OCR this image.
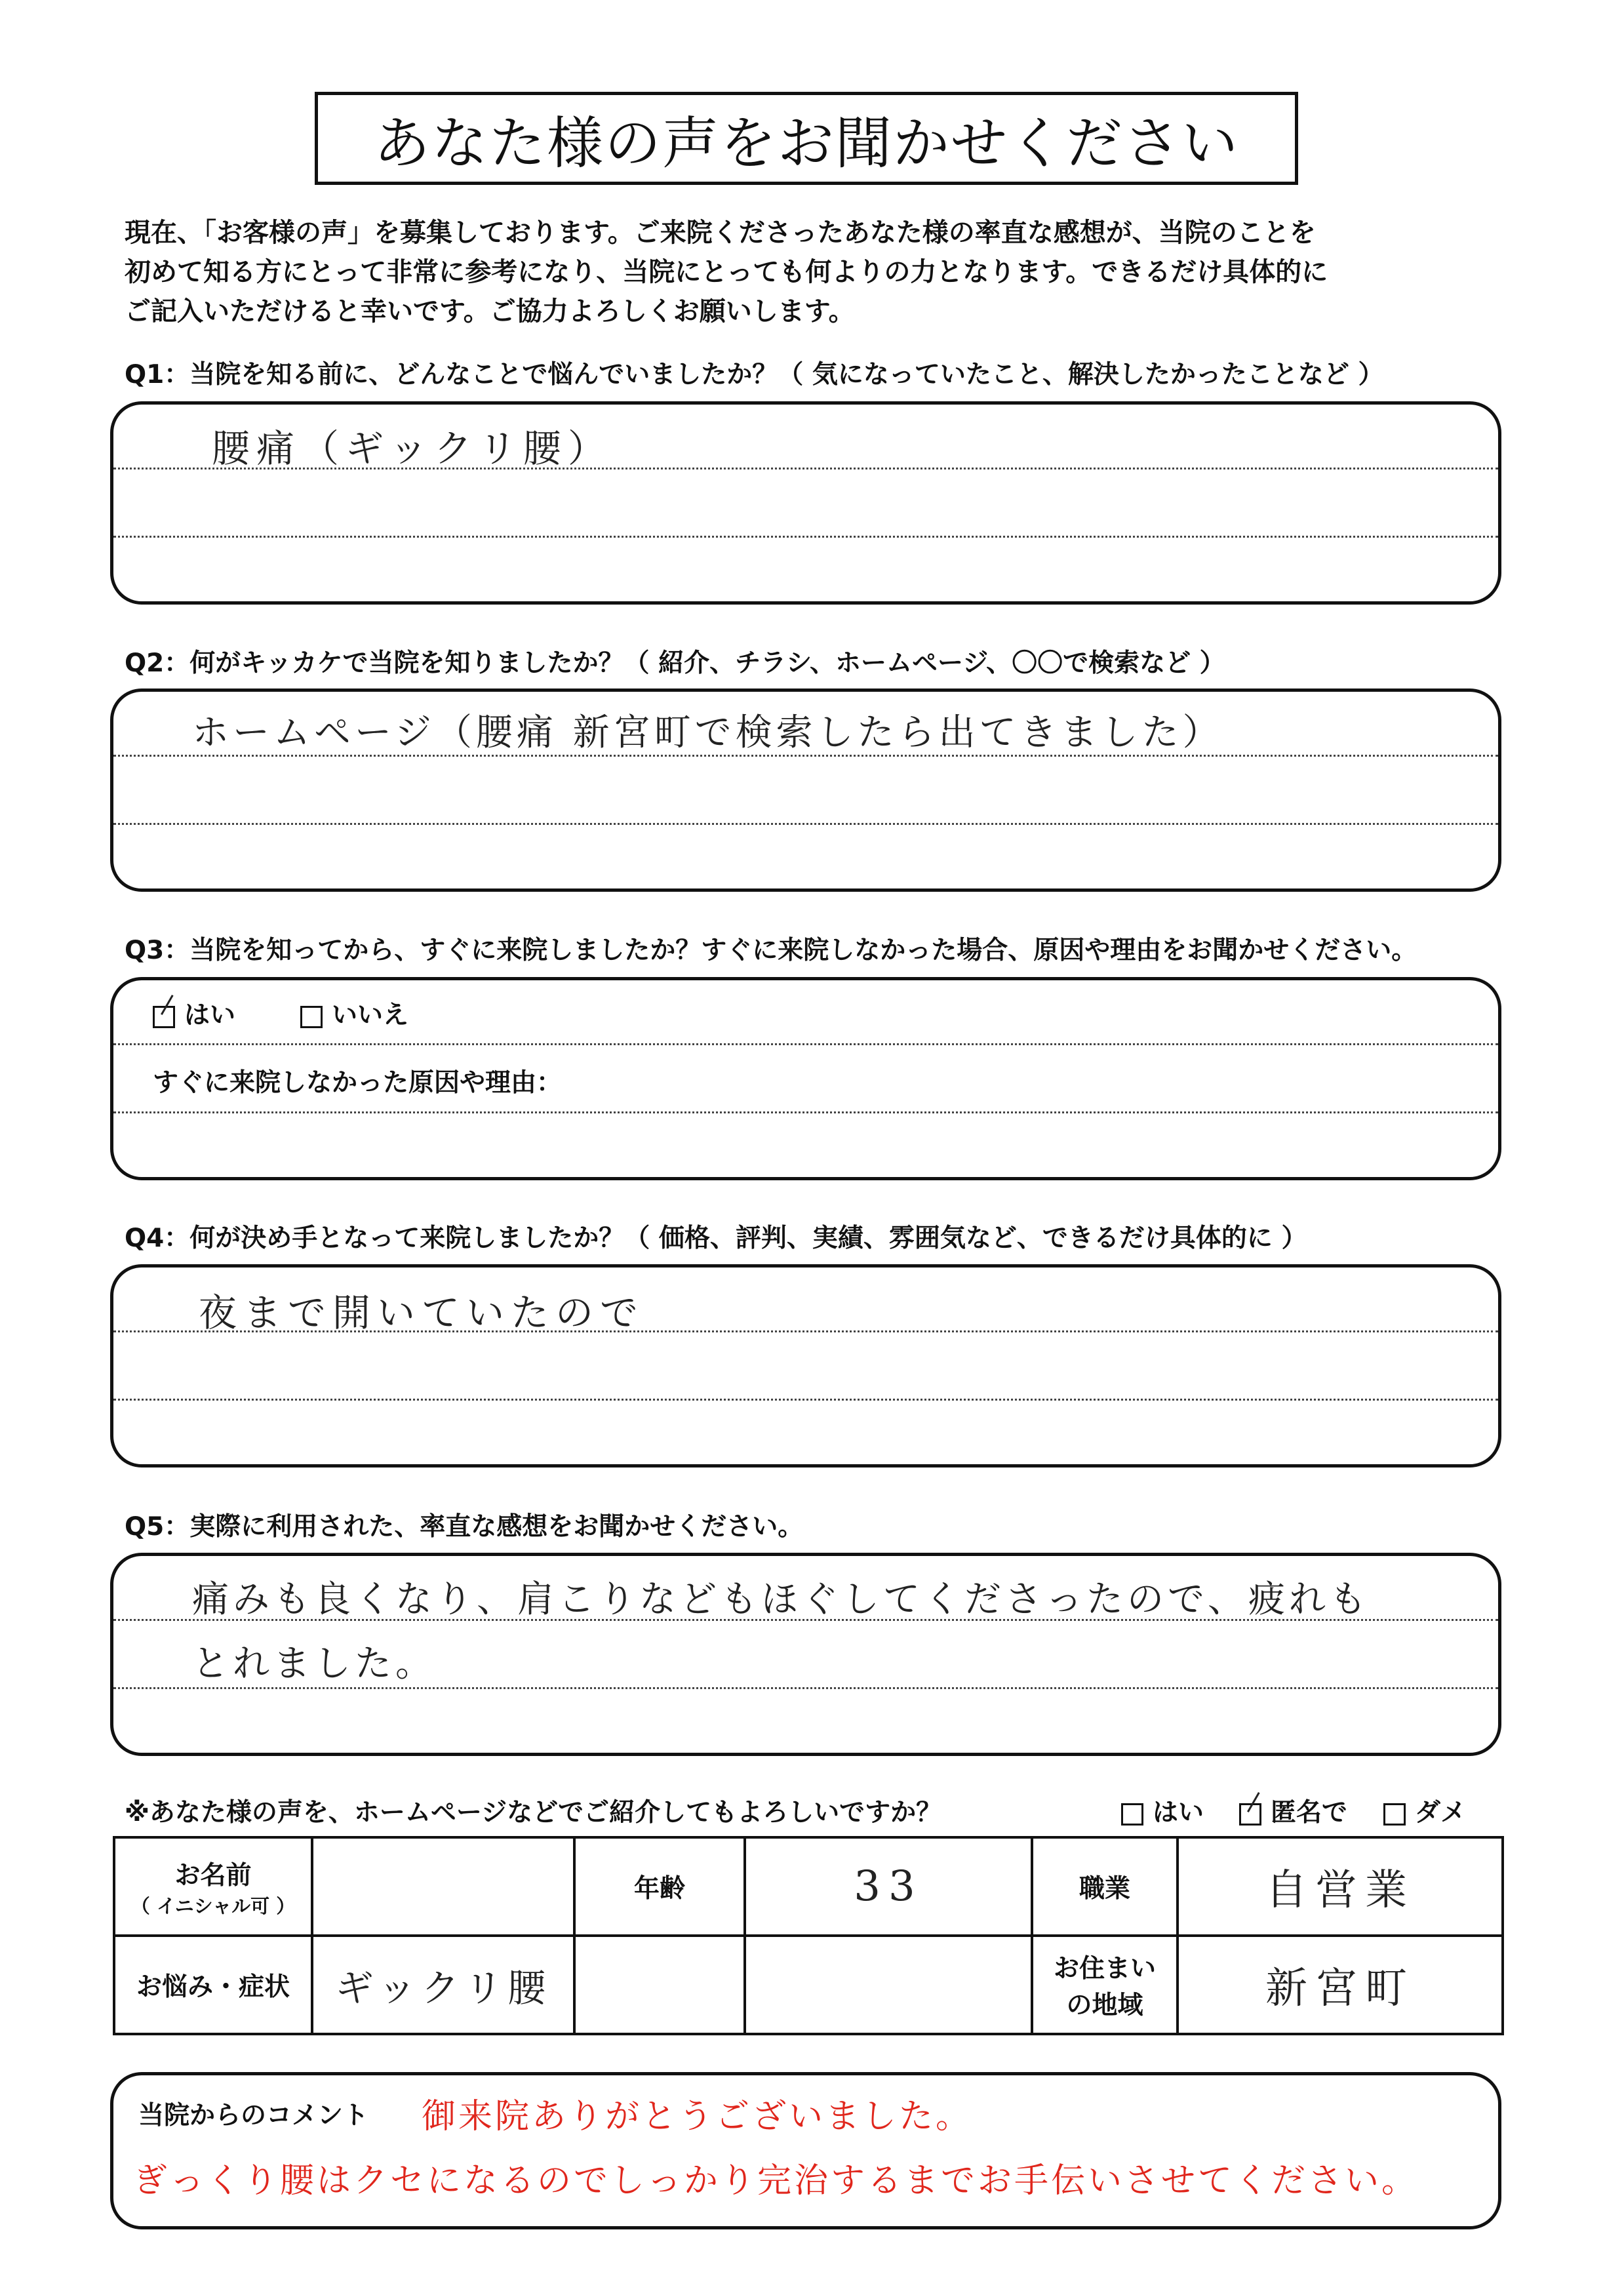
あなた様の声をお聞かせください
現在、「お客様の声」を募集しております。ご来院くださったあなた様の率直な感想が、当院のことを
初めて知る方にとって非常に参考になり、当院にとっても何よりの力となります。できるだけ具体的に
ご記入いただけると幸いです。ご協力よろしくお願いします。
Q1：当院を知る前に、どんなことで悩んでいましたか？（ 気になっていたこと、解決したかったことなど ）
腰痛（ギックリ腰）
Q2：何がキッカケで当院を知りましたか？（ 紹介、チラシ、ホームページ、〇〇で検索など ）
ホームページ（腰痛 新宮町で検索したら出てきました）
Q3：当院を知ってから、すぐに来院しましたか？すぐに来院しなかった場合、原因や理由をお聞かせください。
はい	いいえ
すぐに来院しなかった原因や理由：
Q4：何が決め手となって来院しましたか？（ 価格、評判、実績、雰囲気など、できるだけ具体的に ）
夜まで開いていたので
Q5：実際に利用された、率直な感想をお聞かせください。
痛みも良くなり、肩こりなどもほぐしてくださったので、疲れも
とれました。
※あなた様の声を、ホームページなどでご紹介してもよろしいですか？	はい	匿名で	ダメ
お名前
（ イニシャル可 ）		年齢	33	職業	自営業
お悩み・症状	ギックリ腰			お住まい
の地域	新宮町
当院からのコメント 御来院ありがとうございました。
ぎっくり腰はクセになるのでしっかり完治するまでお手伝いさせてください。
